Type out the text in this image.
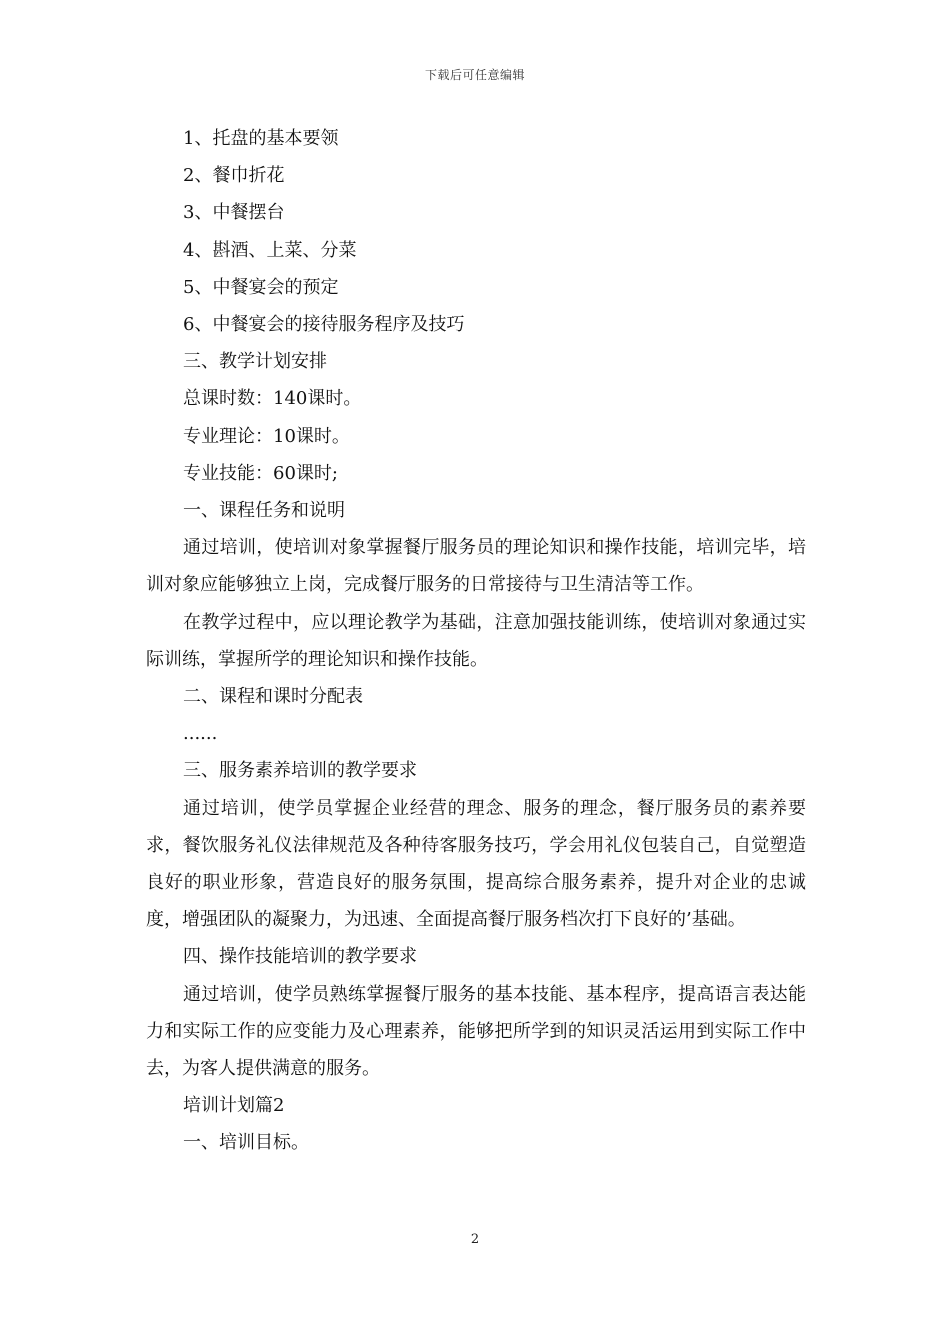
下载后可任意编辑

1、托盘的基本要领

2、餐巾折花

3、中餐摆台

4、斟酒、上菜、分菜

5、中餐宴会的预定

6、中餐宴会的接待服务程序及技巧

三、教学计划安排

总课时数：140课时。

专业理论：10课时。

专业技能：60课时;

一、课程任务和说明

通过培训，使培训对象掌握餐厅服务员的理论知识和操作技能，培训完毕，培训对象应能够独立上岗，完成餐厅服务的日常接待与卫生清洁等工作。

在教学过程中，应以理论教学为基础，注意加强技能训练，使培训对象通过实际训练，掌握所学的理论知识和操作技能。

二、课程和课时分配表

......

三、服务素养培训的教学要求

通过培训，使学员掌握企业经营的理念、服务的理念，餐厅服务员的素养要求，餐饮服务礼仪法律规范及各种待客服务技巧，学会用礼仪包装自己，自觉塑造良好的职业形象，营造良好的服务氛围，提高综合服务素养，提升对企业的忠诚度，增强团队的凝聚力，为迅速、全面提高餐厅服务档次打下良好的’基础。

四、操作技能培训的教学要求

通过培训，使学员熟练掌握餐厅服务的基本技能、基本程序，提高语言表达能力和实际工作的应变能力及心理素养，能够把所学到的知识灵活运用到实际工作中去，为客人提供满意的服务。

培训计划篇2

一、培训目标。

2
